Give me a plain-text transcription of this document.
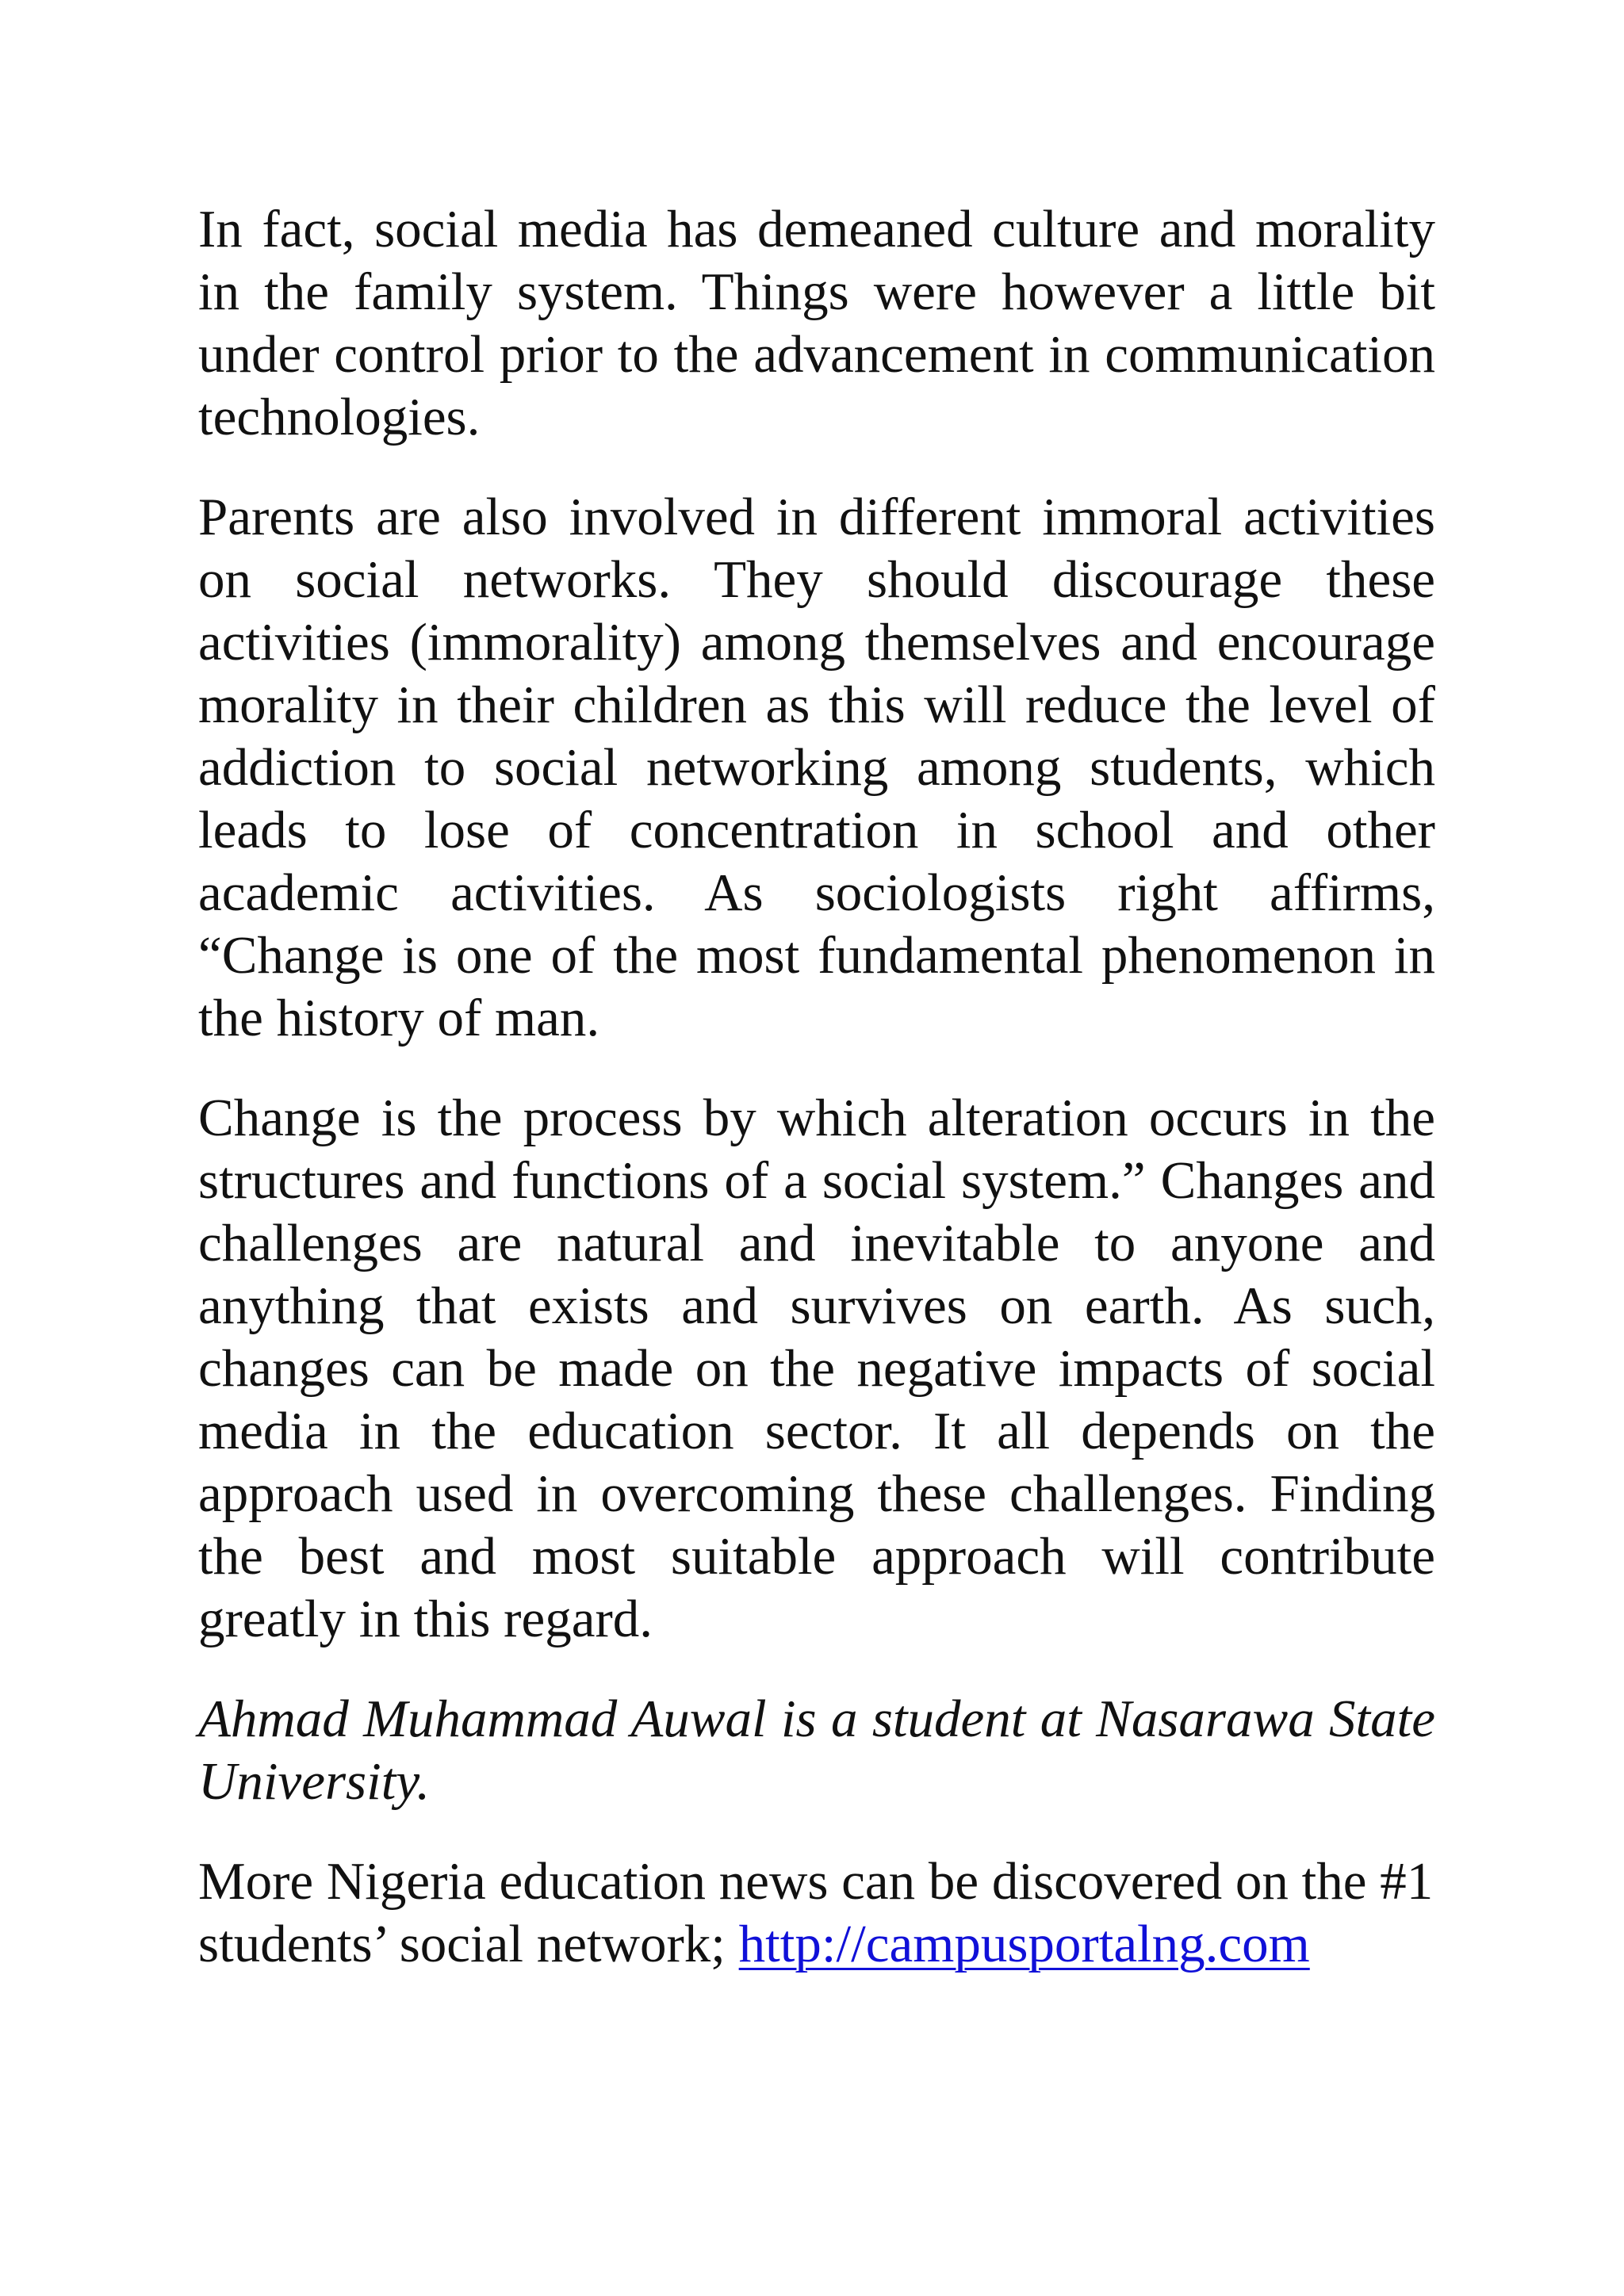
In fact, social media has demeaned culture and morality in the family system. Things were however a little bit under control prior to the advancement in communication technologies.

Parents are also involved in different immoral activities on social networks. They should discourage these activities (immorality) among themselves and encourage morality in their children as this will reduce the level of addiction to social networking among students, which leads to lose of concentration in school and other academic activities. As sociologists right affirms, “Change is one of the most fundamental phenomenon in the history of man.

Change is the process by which alteration occurs in the structures and functions of a social system.” Changes and challenges are natural and inevitable to anyone and anything that exists and survives on earth. As such, changes can be made on the negative impacts of social media in the education sector. It all depends on the approach used in overcoming these challenges. Finding the best and most suitable approach will contribute greatly in this regard.

Ahmad Muhammad Auwal is a student at Nasarawa State University.

More Nigeria education news can be discovered on the #1 students’ social network; http://campusportalng.com
